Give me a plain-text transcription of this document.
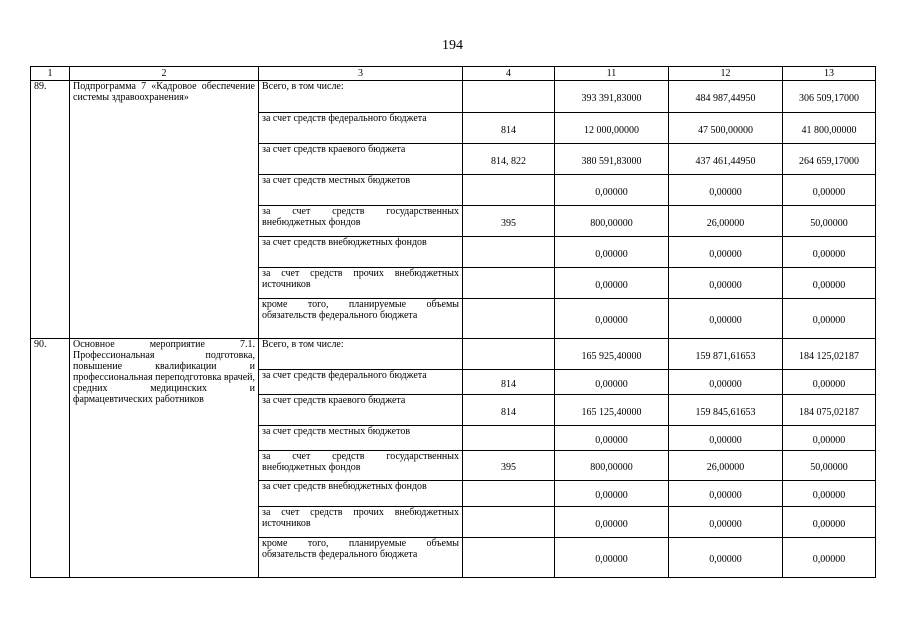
194
1	2	3	4	11	12	13
89.	Подпрограмма 7 «Кадровое обеспечение системы здравоохранения»	Всего, в том числе:		393 391,83000	484 987,44950	306 509,17000
		за счет средств федерального бюджета	814	12 000,00000	47 500,00000	41 800,00000
		за счет средств краевого бюджета	814, 822	380 591,83000	437 461,44950	264 659,17000
		за счет средств местных бюджетов		0,00000	0,00000	0,00000
		за счет средств государственных внебюджетных фондов	395	800,00000	26,00000	50,00000
		за счет средств внебюджетных фондов		0,00000	0,00000	0,00000
		за счет средств прочих внебюджетных источников		0,00000	0,00000	0,00000
		кроме того, планируемые объемы обязательств федерального бюджета		0,00000	0,00000	0,00000
90.	Основное мероприятие 7.1. Профессиональная подготовка, повышение квалификации и профессиональная переподготовка врачей, средних медицинских и фармацевтических работников	Всего, в том числе:		165 925,40000	159 871,61653	184 125,02187
		за счет средств федерального бюджета	814	0,00000	0,00000	0,00000
		за счет средств краевого бюджета	814	165 125,40000	159 845,61653	184 075,02187
		за счет средств местных бюджетов		0,00000	0,00000	0,00000
		за счет средств государственных внебюджетных фондов	395	800,00000	26,00000	50,00000
		за счет средств внебюджетных фондов		0,00000	0,00000	0,00000
		за счет средств прочих внебюджетных источников		0,00000	0,00000	0,00000
		кроме того, планируемые объемы обязательств федерального бюджета		0,00000	0,00000	0,00000
